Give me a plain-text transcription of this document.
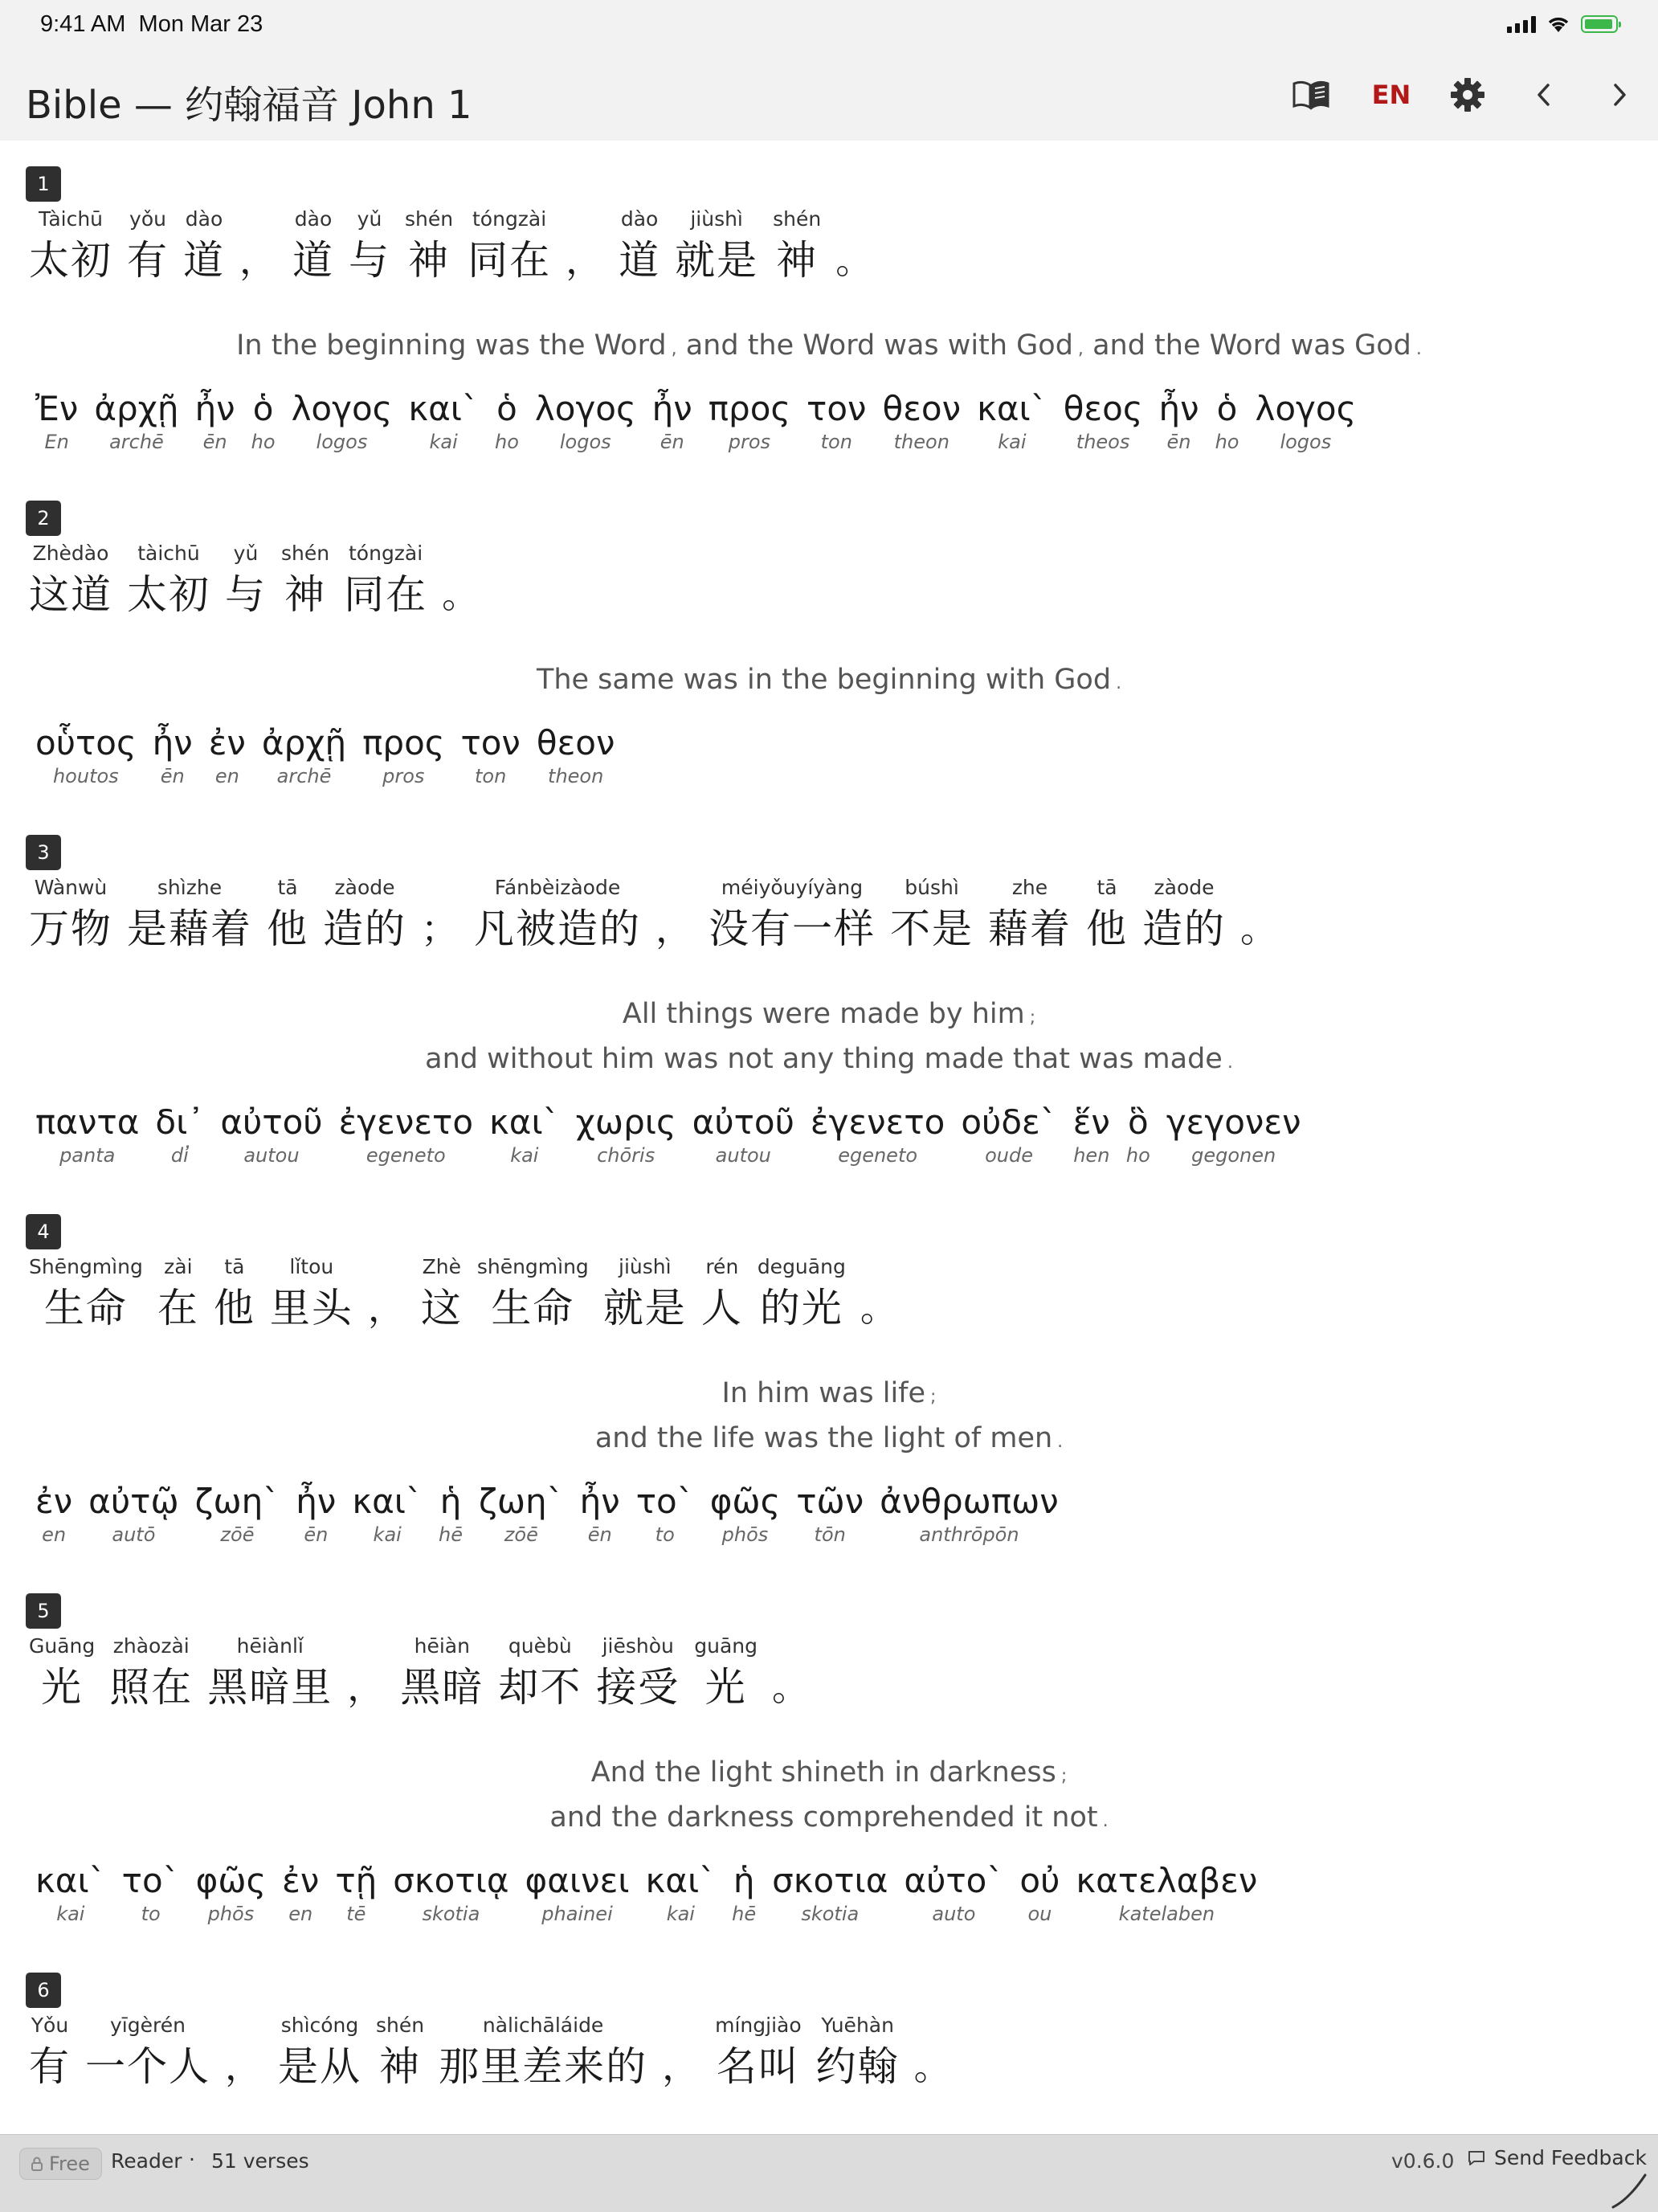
9:41 AM Mon Mar 23
Bible — 约翰福音 John 1	EN
1
Tàichū
太初
yǒu
有
dào
道 ，
dào
道
yǔ
与
shén
神
tóngzài
同在 ，
dào
道
jiùshì
就是
shén
神 。
In the beginning was the Word , and the Word was with God , and the Word was God .
Ἐν
En
ἀρχῇ
archē
ἦν
ēn
ὁ
ho
λογος
logos
και`
kai
ὁ
ho
λογος
logos
ἦν
ēn
προς
pros
τον
ton
θεον
theon
και`
kai
θεος
theos
ἦν
ēn
ὁ
ho
λογος
logos
2
Zhèdào
这道
tàichū
太初
yǔ
与
shén
神
tóngzài
同在 。
The same was in the beginning with God .
οὗτος
houtos
ἦν
ēn
ἐν
en
ἀρχῇ
archē
προς
pros
τον
ton
θεον
theon
3
Wànwù
万物
shìzhe
是藉着
tā
他
zàode
造的 ；
Fánbèizàode
凡被造的 ，
méiyǒuyíyàng
没有一样
búshì
不是
zhe
藉着
tā
他
zàode
造的 。
All things were made by him ;
and without him was not any thing made that was made .
παντα
panta
δι᾽
di̓
αὐτοῦ
autou
ἐγενετο
egeneto
και`
kai
χωρις
chōris
αὐτοῦ
autou
ἐγενετο
egeneto
οὐδε`
oude
ἕν
hen
ὃ
ho
γεγονεν
gegonen
4
Shēngmìng
生命
zài
在
tā
他
lǐtou
里头 ，
Zhè
这
shēngmìng
生命
jiùshì
就是
rén
人
deguāng
的光 。
In him was life ;
and the life was the light of men .
ἐν
en
αὐτῷ
autō
ζωη`
zōē
ἦν
ēn
και`
kai
ἡ
hē
ζωη`
zōē
ἦν
ēn
το`
to
φῶς
phōs
τῶν
tōn
ἀνθρωπων
anthrōpōn
5
Guāng
光
zhàozài
照在
hēiànlǐ
黑暗里 ，
hēiàn
黑暗
quèbù
却不
jiēshòu
接受
guāng
光 。
And the light shineth in darkness ;
and the darkness comprehended it not .
και`
kai
το`
to
φῶς
phōs
ἐν
en
τῇ
tē
σκοτιᾳ
skotia
φαινει
phainei
και`
kai
ἡ
hē
σκοτια
skotia
αὐτο`
auto
οὐ
ou
κατελαβεν
katelaben
6
Yǒu
有
yīgèrén
一个人 ，
shìcóng
是从
shén
神
nàlichāláide
那里差来的 ，
míngjiào
名叫
Yuēhàn
约翰 。
Free Reader · 51 verses	v0.6.0 Send Feedback
